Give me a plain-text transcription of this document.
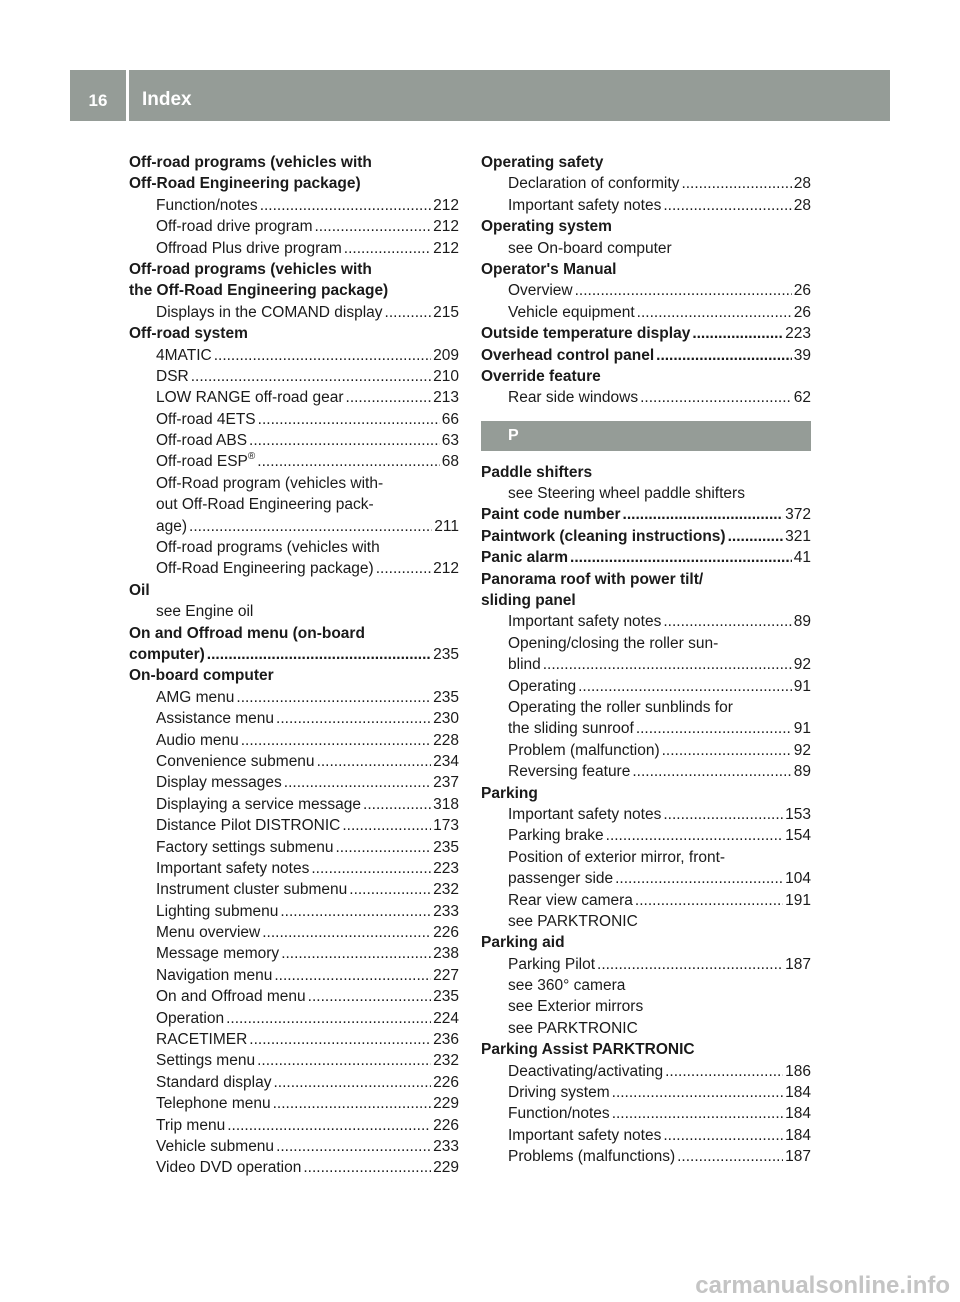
16	Index
Off-road programs (vehicles with
Off-Road Engineering package)
Function/notes .....	212
Off-road drive program .....	212
Offroad Plus drive program .....	212
Off-road programs (vehicles with
the Off-Road Engineering package)
Displays in the COMAND display .....	215
Off-road system
4MATIC .....	209
DSR .....	210
LOW RANGE off-road gear .....	213
Off-road 4ETS .....	66
Off-road ABS .....	63
Off-road ESP® .....	68
Off-Road program (vehicles with-
out Off-Road Engineering pack-
age) .....	211
Off-road programs (vehicles with
Off-Road Engineering package) .....	212
Oil
see Engine oil
On and Offroad menu (on-board
computer) .....	235
On-board computer
AMG menu .....	235
Assistance menu .....	230
Audio menu .....	228
Convenience submenu .....	234
Display messages .....	237
Displaying a service message .....	318
Distance Pilot DISTRONIC .....	173
Factory settings submenu .....	235
Important safety notes .....	223
Instrument cluster submenu .....	232
Lighting submenu .....	233
Menu overview .....	226
Message memory .....	238
Navigation menu .....	227
On and Offroad menu .....	235
Operation .....	224
RACETIMER .....	236
Settings menu .....	232
Standard display .....	226
Telephone menu .....	229
Trip menu .....	226
Vehicle submenu .....	233
Video DVD operation .....	229
Operating safety
Declaration of conformity .....	28
Important safety notes .....	28
Operating system
see On-board computer
Operator's Manual
Overview .....	26
Vehicle equipment .....	26
Outside temperature display .....	223
Overhead control panel .....	39
Override feature
Rear side windows .....	62
P
Paddle shifters
see Steering wheel paddle shifters
Paint code number .....	372
Paintwork (cleaning instructions) .....	321
Panic alarm .....	41
Panorama roof with power tilt/
sliding panel
Important safety notes .....	89
Opening/closing the roller sun-
blind .....	92
Operating .....	91
Operating the roller sunblinds for
the sliding sunroof .....	91
Problem (malfunction) .....	92
Reversing feature .....	89
Parking
Important safety notes .....	153
Parking brake .....	154
Position of exterior mirror, front-
passenger side .....	104
Rear view camera .....	191
see PARKTRONIC
Parking aid
Parking Pilot .....	187
see 360° camera
see Exterior mirrors
see PARKTRONIC
Parking Assist PARKTRONIC
Deactivating/activating .....	186
Driving system .....	184
Function/notes .....	184
Important safety notes .....	184
Problems (malfunctions) .....	187
carmanualsonline.info
